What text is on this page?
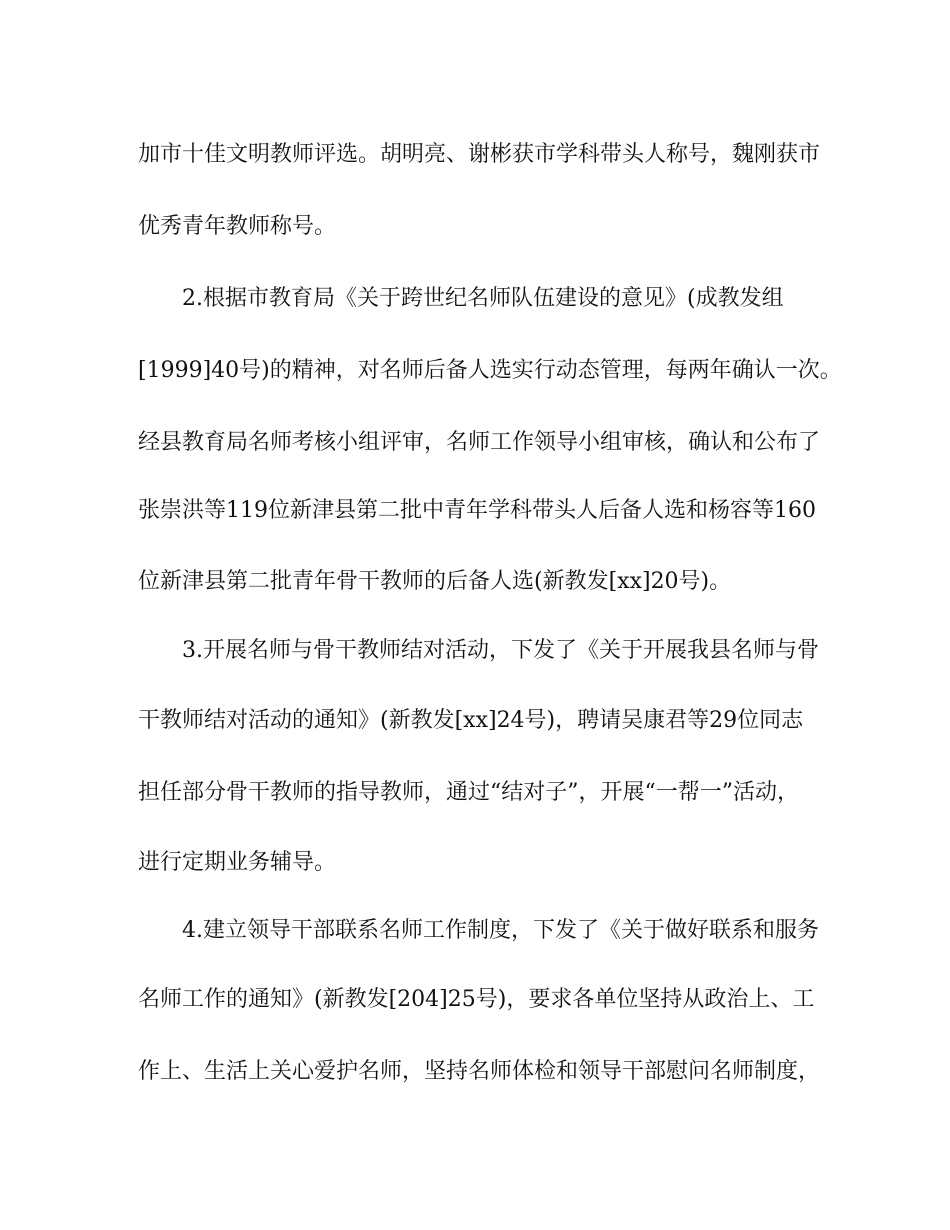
加市十佳文明教师评选。胡明亮、谢彬获市学科带头人称号，魏刚获市

优秀青年教师称号。

2.根据市教育局《关于跨世纪名师队伍建设的意见》(成教发组

[1999]40号)的精神，对名师后备人选实行动态管理，每两年确认一次。

经县教育局名师考核小组评审，名师工作领导小组审核，确认和公布了

张崇洪等119位新津县第二批中青年学科带头人后备人选和杨容等160

位新津县第二批青年骨干教师的后备人选(新教发[xx]20号)。

3.开展名师与骨干教师结对活动，下发了《关于开展我县名师与骨

干教师结对活动的通知》(新教发[xx]24号)，聘请吴康君等29位同志

担任部分骨干教师的指导教师，通过“结对子”，开展“一帮一”活动，

进行定期业务辅导。

4.建立领导干部联系名师工作制度，下发了《关于做好联系和服务

名师工作的通知》(新教发[204]25号)，要求各单位坚持从政治上、工

作上、生活上关心爱护名师，坚持名师体检和领导干部慰问名师制度，
